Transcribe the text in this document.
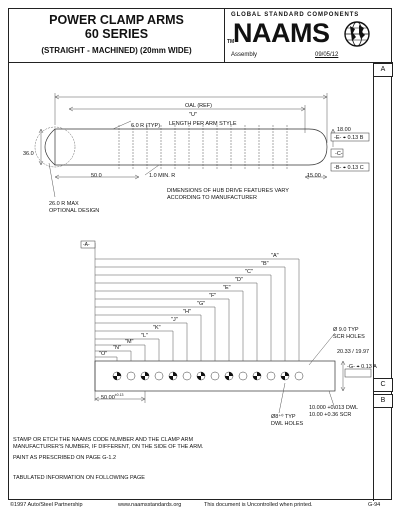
POWER CLAMP ARMS
60 SERIES
(STRAIGHT - MACHINED) (20mm WIDE)
GLOBAL STANDARD COMPONENTS
TM
NAAMS
Assembly	09/05/12
A
C
B
OAL (REF)
"U"
LENGTH PER ARM STYLE
6.0 R (TYP)
36.0
18.00
-E- ⌖ 0.13 B
-C-
-B- ⌖ 0.13 C
50.0	1.0 MIN. R	15.00
DIMENSIONS OF HUB DRIVE FEATURES VARY
ACCORDING TO MANUFACTURER
26.0 R MAX
OPTIONAL DESIGN
-A-
"A"
"B"
"C"
"D"
"E"
"F"
"G"
"H"
"J"
"K"
"L"
"M"
"N"
"O"
Ø 9.0 TYP
SCR HOLES
20.33 / 19.97
-G- ⌖ 0.13 A
$50.00^{\pm 0.13}$
Ø8⁺⁰ TYP
DWL HOLES
10.000 +0.013 DWL
10.00 +0.36 SCR
STAMP OR ETCH THE NAAMS CODE NUMBER AND THE CLAMP ARM
MANUFACTURER'S NUMBER, IF DIFFERENT, ON THE SIDE OF THE ARM.
PAINT AS PRESCRIBED ON PAGE G-1.2
TABULATED INFORMATION ON FOLLOWING PAGE
©1997 Auto/Steel Partnership	www.naamsstandards.org	This document is Uncontrolled when printed.	G-94
